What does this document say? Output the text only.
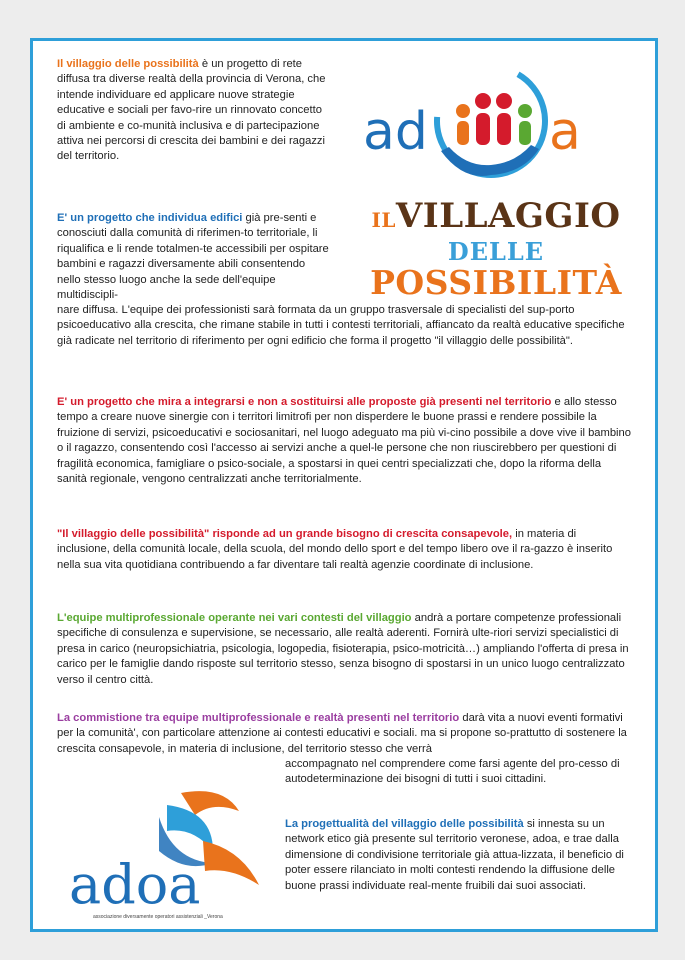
Il villaggio delle possibilità è un progetto di rete diffusa tra diverse realtà della provincia di Verona, che intende individuare ed applicare nuove strategie educative e sociali per favo-rire un rinnovato concetto di ambiente e co-munità inclusiva e di partecipazione attiva nei percorsi di crescita dei bambini e dei ragazzi del territorio.	ad a
ILVILLAGGIO
DELLE
POSSIBILITÀ

E' un progetto che individua edifici già pre-senti e conosciuti dalla comunità di riferimen-to territoriale, li riqualifica e li rende totalmen-te accessibili per ospitare bambini e ragazzi diversamente abili consentendo nello stesso luogo anche la sede dell'equipe multidiscipli-

nare diffusa. L'equipe dei professionisti sarà formata da un gruppo trasversale di specialisti del sup-porto psicoeducativo alla crescita, che rimane stabile in tutti i contesti territoriali, affiancato da realtà educative specifiche già radicate nel territorio di riferimento per ogni edificio che forma il progetto "il villaggio delle possibilità".

E' un progetto che mira a integrarsi e non a sostituirsi alle proposte già presenti nel territorio e allo stesso tempo a creare nuove sinergie con i territori limitrofi per non disperdere le buone prassi e rendere possibile la fruizione di servizi, psicoeducativi e sociosanitari, nel luogo adeguato ma più vi-cino possibile a dove vive il bambino o il ragazzo, consentendo così l'accesso ai servizi anche a quel-le persone che non riuscirebbero per questioni di fragilità economica, famigliare o psico-sociale, a spostarsi in quei centri specializzati che, dopo la riforma della sanità regionale, vengono centralizzati anche territorialmente.

"Il villaggio delle possibilità" risponde ad un grande bisogno di crescita consapevole, in materia di inclusione, della comunità locale, della scuola, del mondo dello sport e del tempo libero ove il ra-gazzo è inserito nella sua vita quotidiana contribuendo a far diventare tali realtà agenzie coordinate di inclusione.

L'equipe multiprofessionale operante nei vari contesti del villaggio andrà a portare competenze professionali specifiche di consulenza e supervisione, se necessario, alle realtà aderenti. Fornirà ulte-riori servizi specialistici di presa in carico (neuropsichiatria, psicologia, logopedia, fisioterapia, psico-motricità…) ampliando l'offerta di presa in carico per le famiglie dando risposte sul territorio stesso, senza bisogno di spostarsi in un unico luogo centralizzato verso il centro città.

La commistione tra equipe multiprofessionale e realtà presenti nel territorio darà vita a nuovi eventi formativi per la comunità', con particolare attenzione ai contesti educativi e sociali. ma si propone so-prattutto di sostenere la crescita consapevole, in materia di inclusione, del territorio stesso che verrà

accompagnato nel comprendere come farsi agente del pro-cesso di autodeterminazione dei bisogni di tutti i suoi cittadini.

La progettualità del villaggio delle possibilità si innesta su un network etico già presente sul territorio veronese, adoa, e trae dalla dimensione di condivisione territoriale già attua-lizzata, il beneficio di poter essere rilanciato in molti contesti rendendo la diffusione delle buone prassi individuate real-mente fruibili dai suoi associati.

adoa
associazione diversamente operatori assistenziali _Verona
